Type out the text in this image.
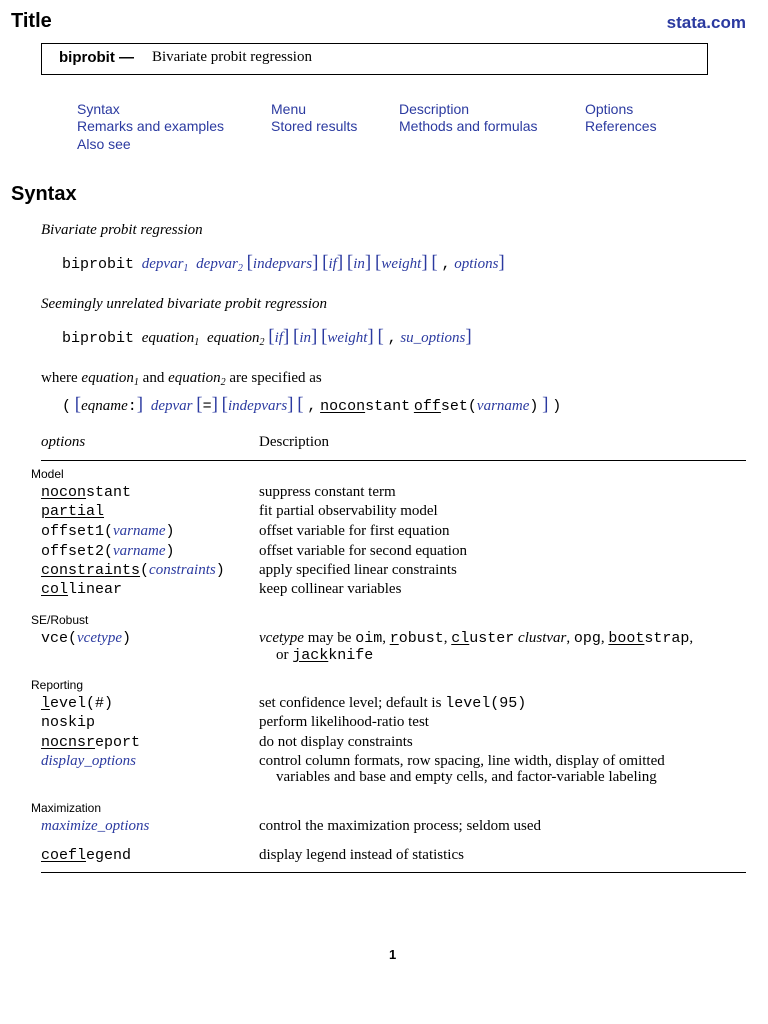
Title	stata.com
biprobit — Bivariate probit regression
Syntax	Menu	Description	Options
Remarks and examples	Stored results	Methods and formulas	References
Also see
Syntax
Bivariate probit regression
biprobit depvar$_1$ depvar$_2$ [indepvars] [if] [in] [weight] [ , options]
Seemingly unrelated bivariate probit regression
biprobit equation$_1$ equation$_2$ [if] [in] [weight] [ , su_options]
where equation$_1$ and equation$_2$ are specified as
( [eqname:] depvar [=] [indepvars] [ , noconstant offset(varname) ] )
options	Description
Model
noconstant	suppress constant term
partial	fit partial observability model
offset1(varname)	offset variable for first equation
offset2(varname)	offset variable for second equation
constraints(constraints) apply specified linear constraints
collinear	keep collinear variables
SE/Robust
vce(vcetype)	vcetype may be oim, robust, cluster clustvar, opg, bootstrap,
or jackknife
Reporting
level(#)	set confidence level; default is level(95)
noskip	perform likelihood-ratio test
nocnsreport	do not display constraints
display_options	control column formats, row spacing, line width, display of omitted
variables and base and empty cells, and factor-variable labeling
Maximization
maximize_options	control the maximization process; seldom used
coeflegend	display legend instead of statistics
1
